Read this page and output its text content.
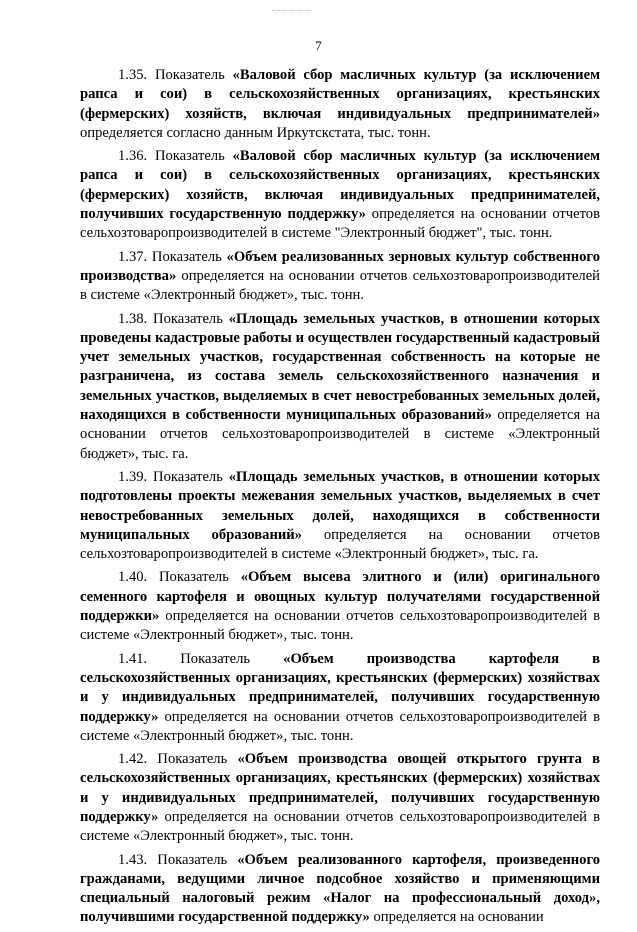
7

1.35. Показатель «Валовой сбор масличных культур (за исключением рапса и сои) в сельскохозяйственных организациях, крестьянских (фермерских) хозяйств, включая индивидуальных предпринимателей» определяется согласно данным Иркутскстата, тыс. тонн.

1.36. Показатель «Валовой сбор масличных культур (за исключением рапса и сои) в сельскохозяйственных организациях, крестьянских (фермерских) хозяйств, включая индивидуальных предпринимателей, получивших государственную поддержку» определяется на основании отчетов сельхозтоваропроизводителей в системе "Электронный бюджет", тыс. тонн.

1.37. Показатель «Объем реализованных зерновых культур собственного производства» определяется на основании отчетов сельхозтоваропроизводителей в системе «Электронный бюджет», тыс. тонн.

1.38. Показатель «Площадь земельных участков, в отношении которых проведены кадастровые работы и осуществлен государственный кадастровый учет земельных участков, государственная собственность на которые не разграничена, из состава земель сельскохозяйственного назначения и земельных участков, выделяемых в счет невостребованных земельных долей, находящихся в собственности муниципальных образований» определяется на основании отчетов сельхозтоваропроизводителей в системе «Электронный бюджет», тыс. га.

1.39. Показатель «Площадь земельных участков, в отношении которых подготовлены проекты межевания земельных участков, выделяемых в счет невостребованных земельных долей, находящихся в собственности муниципальных образований» определяется на основании отчетов сельхозтоваропроизводителей в системе «Электронный бюджет», тыс. га.

1.40. Показатель «Объем высева элитного и (или) оригинального семенного картофеля и овощных культур получателями государственной поддержки» определяется на основании отчетов сельхозтоваропроизводителей в системе «Электронный бюджет», тыс. тонн.

1.41. Показатель «Объем производства картофеля в сельскохозяйственных организациях, крестьянских (фермерских) хозяйствах и у индивидуальных предпринимателей, получивших государственную поддержку» определяется на основании отчетов сельхозтоваропроизводителей в системе «Электронный бюджет», тыс. тонн.

1.42. Показатель «Объем производства овощей открытого грунта в сельскохозяйственных организациях, крестьянских (фермерских) хозяйствах и у индивидуальных предпринимателей, получивших государственную поддержку» определяется на основании отчетов сельхозтоваропроизводителей в системе «Электронный бюджет», тыс. тонн.

1.43. Показатель «Объем реализованного картофеля, произведенного гражданами, ведущими личное подсобное хозяйство и применяющими специальный налоговый режим «Налог на профессиональный доход», получившими государственной поддержку» определяется на основании
